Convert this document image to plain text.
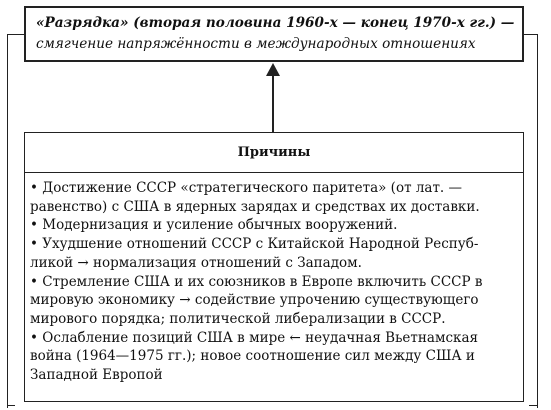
«Разрядка» (вторая половина 1960-х — конец 1970-х гг.) —
смягчение напряжённости в международных отношениях
Причины
• Достижение СССР «стратегического паритета» (от лат. —
равенство) с США в ядерных зарядах и средствах их доставки.
• Модернизация и усиление обычных вооружений.
• Ухудшение отношений СССР с Китайской Народной Респуб-
ликой → нормализация отношений с Западом.
• Стремление США и их союзников в Европе включить СССР в
мировую экономику → содействие упрочению существующего
мирового порядка; политической либерализации в СССР.
• Ослабление позиций США в мире ← неудачная Вьетнамская
война (1964—1975 гг.); новое соотношение сил между США и
Западной Европой
